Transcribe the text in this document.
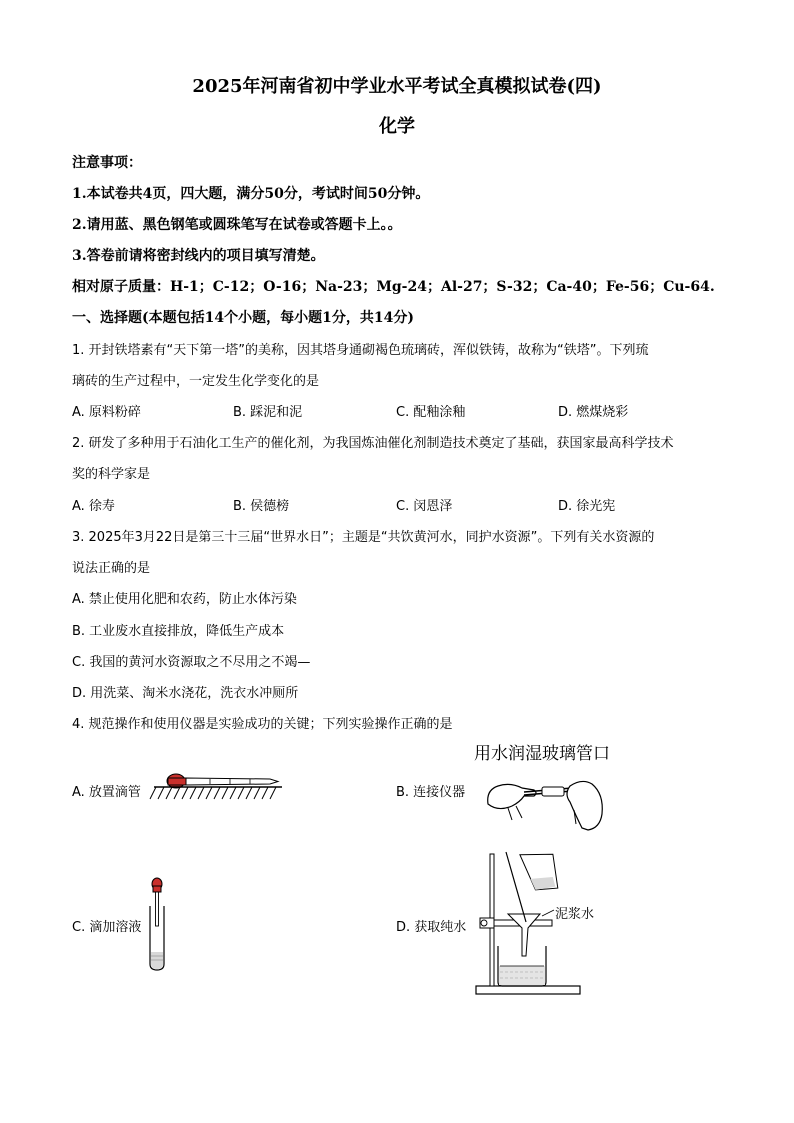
2025年河南省初中学业水平考试全真模拟试卷(四)
化学
注意事项：
1.本试卷共4页，四大题，满分50分，考试时间50分钟。
2.请用蓝、黑色钢笔或圆珠笔写在试卷或答题卡上。。
3.答卷前请将密封线内的项目填写清楚。
相对原子质量：H-1；C-12；O-16；Na-23；Mg-24；Al-27；S-32；Ca-40；Fe-56；Cu-64.
一、选择题(本题包括14个小题，每小题1分，共14分)
1. 开封铁塔素有“天下第一塔”的美称，因其塔身通砌褐色琉璃砖，浑似铁铸，故称为“铁塔”。下列琉
璃砖的生产过程中，一定发生化学变化的是
A. 原料粉碎	B. 踩泥和泥	C. 配釉涂釉	D. 燃煤烧彩
2. 研发了多种用于石油化工生产的催化剂，为我国炼油催化剂制造技术奠定了基础，获国家最高科学技术
奖的科学家是
A. 徐寿	B. 侯德榜	C. 闵恩泽	D. 徐光宪
3. 2025年3月22日是第三十三届“世界水日”；主题是“共饮黄河水，同护水资源”。下列有关水资源的
说法正确的是
A. 禁止使用化肥和农药，防止水体污染
B. 工业废水直接排放，降低生产成本
C. 我国的黄河水资源取之不尽用之不竭—
D. 用洗菜、淘米水浇花，洗衣水冲厕所
4. 规范操作和使用仪器是实验成功的关键；下列实验操作正确的是
A. 放置滴管	B. 连接仪器
用水润湿玻璃管口
C. 滴加溶液	D. 获取纯水
泥浆水
